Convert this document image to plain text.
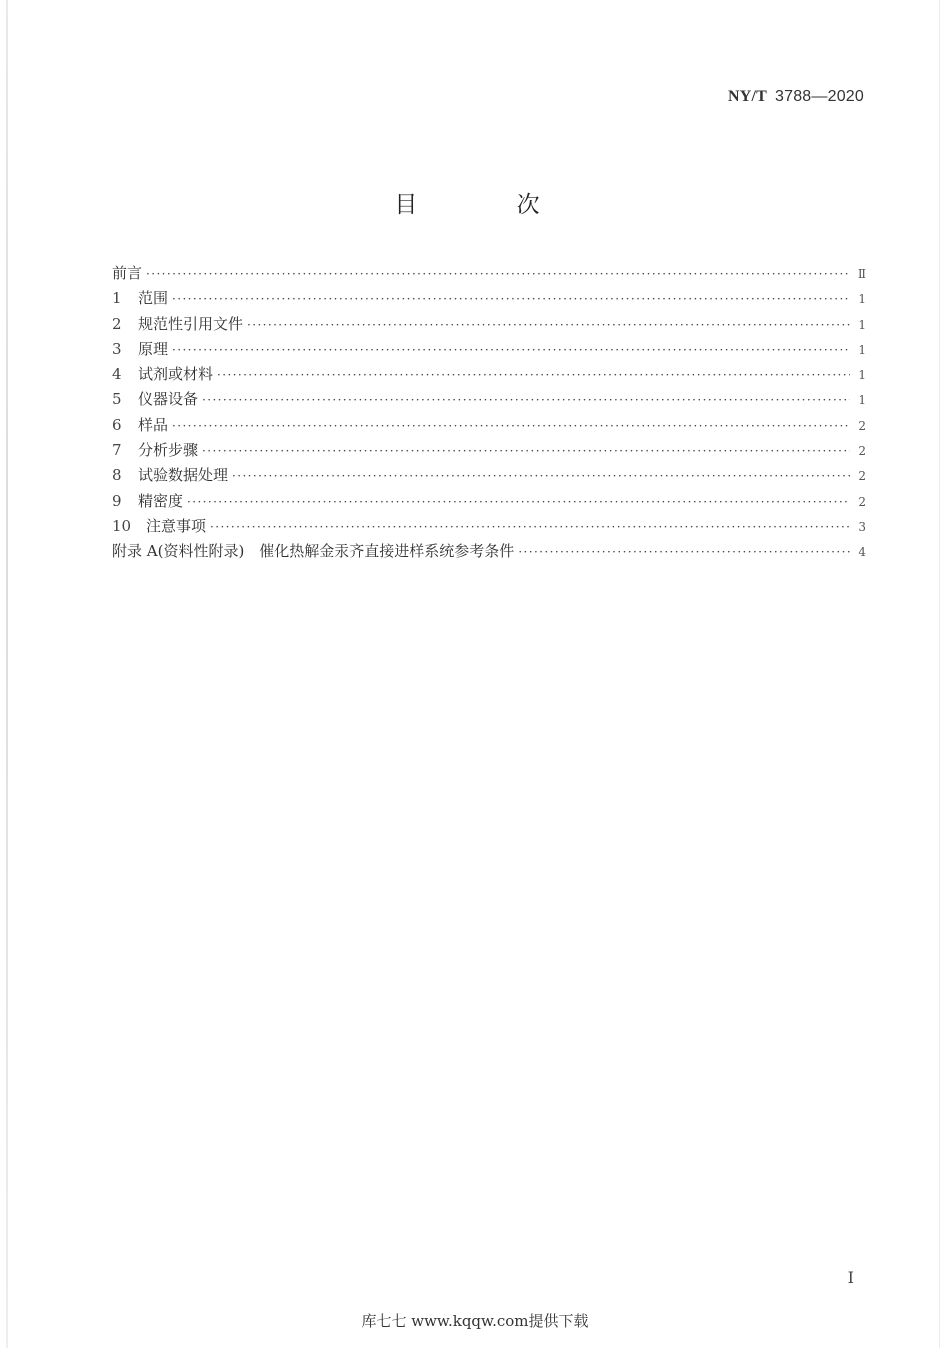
NY/T 3788—2020
目 次
前言 ·····	Ⅱ
1	范围 ·····	1
2	规范性引用文件 ·····	1
3	原理 ·····	1
4	试剂或材料 ·····	1
5	仪器设备 ·····	1
6	样品 ·····	2
7	分析步骤 ·····	2
8	试验数据处理 ·····	2
9	精密度 ·····	2
10 注意事项 ·····	3
附录 A(资料性附录)　催化热解金汞齐直接进样系统参考条件 ·····	4
I
库七七 www.kqqw.com提供下载
